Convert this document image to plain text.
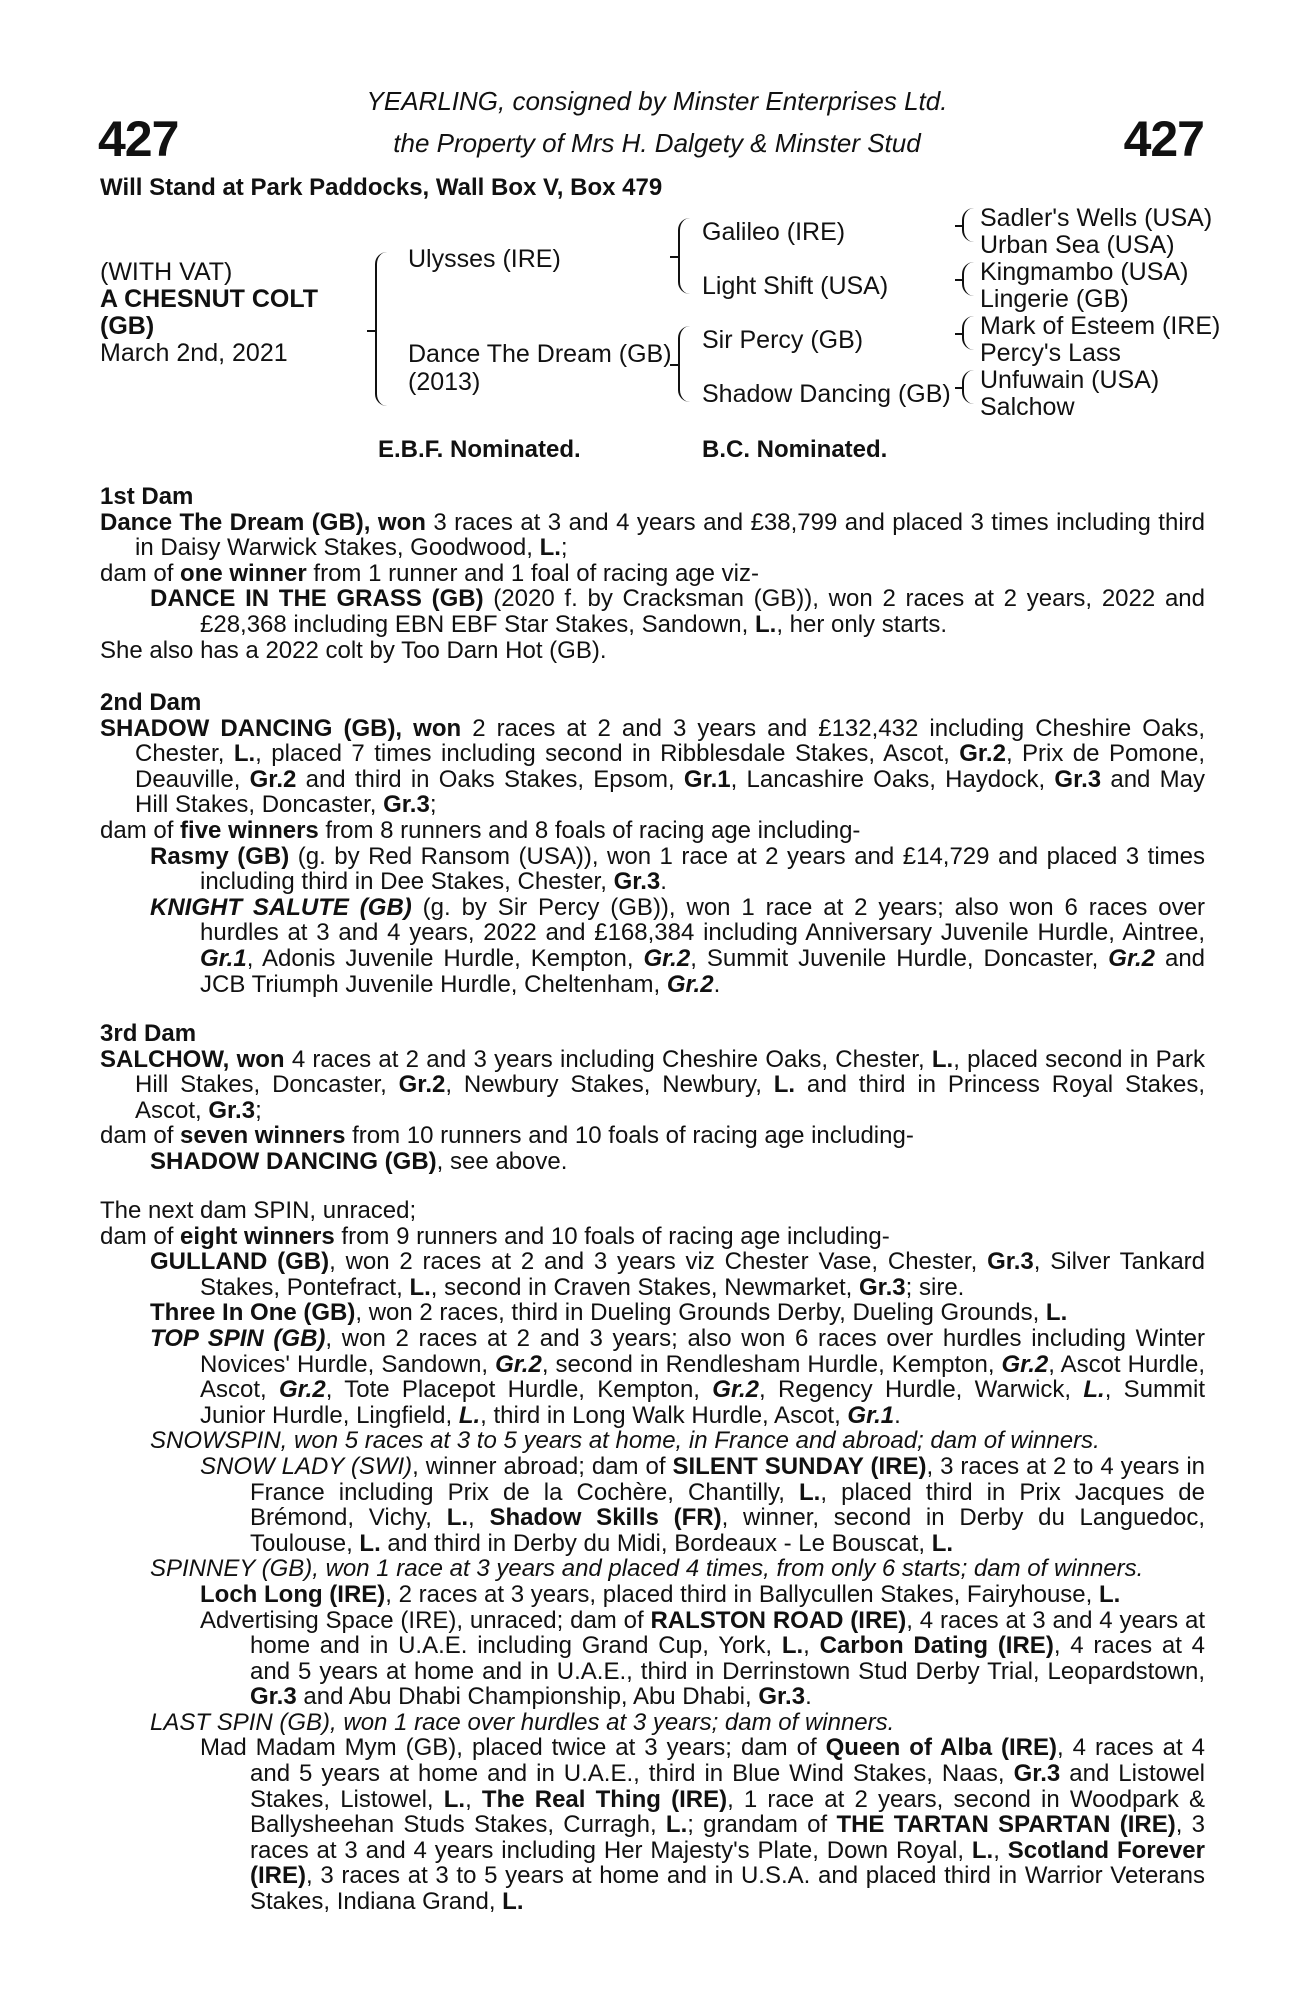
427	427
YEARLING, consigned by Minster Enterprises Ltd.
the Property of Mrs H. Dalgety & Minster Stud
Will Stand at Park Paddocks, Wall Box V, Box 479
(WITH VAT)
A CHESNUT COLT
(GB)
March 2nd, 2021
Ulysses (IRE)
Dance The Dream (GB)
(2013)
Galileo (IRE)
Light Shift (USA)
Sir Percy (GB)
Shadow Dancing (GB)
Sadler's Wells (USA)
Urban Sea (USA)
Kingmambo (USA)
Lingerie (GB)
Mark of Esteem (IRE)
Percy's Lass
Unfuwain (USA)
Salchow
E.B.F. Nominated.	B.C. Nominated.

1st Dam

Dance The Dream (GB), won 3 races at 3 and 4 years and £38,799 and placed 3 times including third in Daisy Warwick Stakes, Goodwood, L.;

dam of one winner from 1 runner and 1 foal of racing age viz-

DANCE IN THE GRASS (GB) (2020 f. by Cracksman (GB)), won 2 races at 2 years, 2022 and £28,368 including EBN EBF Star Stakes, Sandown, L., her only starts.

She also has a 2022 colt by Too Darn Hot (GB).

2nd Dam

SHADOW DANCING (GB), won 2 races at 2 and 3 years and £132,432 including Cheshire Oaks, Chester, L., placed 7 times including second in Ribblesdale Stakes, Ascot, Gr.2, Prix de Pomone, Deauville, Gr.2 and third in Oaks Stakes, Epsom, Gr.1, Lancashire Oaks, Haydock, Gr.3 and May Hill Stakes, Doncaster, Gr.3;

dam of five winners from 8 runners and 8 foals of racing age including-

Rasmy (GB) (g. by Red Ransom (USA)), won 1 race at 2 years and £14,729 and placed 3 times including third in Dee Stakes, Chester, Gr.3.

KNIGHT SALUTE (GB) (g. by Sir Percy (GB)), won 1 race at 2 years; also won 6 races over hurdles at 3 and 4 years, 2022 and £168,384 including Anniversary Juvenile Hurdle, Aintree, Gr.1, Adonis Juvenile Hurdle, Kempton, Gr.2, Summit Juvenile Hurdle, Doncaster, Gr.2 and JCB Triumph Juvenile Hurdle, Cheltenham, Gr.2.

3rd Dam

SALCHOW, won 4 races at 2 and 3 years including Cheshire Oaks, Chester, L., placed second in Park Hill Stakes, Doncaster, Gr.2, Newbury Stakes, Newbury, L. and third in Princess Royal Stakes, Ascot, Gr.3;

dam of seven winners from 10 runners and 10 foals of racing age including-

SHADOW DANCING (GB), see above.

The next dam SPIN, unraced;

dam of eight winners from 9 runners and 10 foals of racing age including-

GULLAND (GB), won 2 races at 2 and 3 years viz Chester Vase, Chester, Gr.3, Silver Tankard Stakes, Pontefract, L., second in Craven Stakes, Newmarket, Gr.3; sire.

Three In One (GB), won 2 races, third in Dueling Grounds Derby, Dueling Grounds, L.

TOP SPIN (GB), won 2 races at 2 and 3 years; also won 6 races over hurdles including Winter Novices' Hurdle, Sandown, Gr.2, second in Rendlesham Hurdle, Kempton, Gr.2, Ascot Hurdle, Ascot, Gr.2, Tote Placepot Hurdle, Kempton, Gr.2, Regency Hurdle, Warwick, L., Summit Junior Hurdle, Lingfield, L., third in Long Walk Hurdle, Ascot, Gr.1.

SNOWSPIN, won 5 races at 3 to 5 years at home, in France and abroad; dam of winners.

SNOW LADY (SWI), winner abroad; dam of SILENT SUNDAY (IRE), 3 races at 2 to 4 years in France including Prix de la Cochère, Chantilly, L., placed third in Prix Jacques de Brémond, Vichy, L., Shadow Skills (FR), winner, second in Derby du Languedoc, Toulouse, L. and third in Derby du Midi, Bordeaux - Le Bouscat, L.

SPINNEY (GB), won 1 race at 3 years and placed 4 times, from only 6 starts; dam of winners.

Loch Long (IRE), 2 races at 3 years, placed third in Ballycullen Stakes, Fairyhouse, L.

Advertising Space (IRE), unraced; dam of RALSTON ROAD (IRE), 4 races at 3 and 4 years at home and in U.A.E. including Grand Cup, York, L., Carbon Dating (IRE), 4 races at 4 and 5 years at home and in U.A.E., third in Derrinstown Stud Derby Trial, Leopardstown, Gr.3 and Abu Dhabi Championship, Abu Dhabi, Gr.3.

LAST SPIN (GB), won 1 race over hurdles at 3 years; dam of winners.

Mad Madam Mym (GB), placed twice at 3 years; dam of Queen of Alba (IRE), 4 races at 4 and 5 years at home and in U.A.E., third in Blue Wind Stakes, Naas, Gr.3 and Listowel Stakes, Listowel, L., The Real Thing (IRE), 1 race at 2 years, second in Woodpark & Ballysheehan Studs Stakes, Curragh, L.; grandam of THE TARTAN SPARTAN (IRE), 3 races at 3 and 4 years including Her Majesty's Plate, Down Royal, L., Scotland Forever (IRE), 3 races at 3 to 5 years at home and in U.S.A. and placed third in Warrior Veterans Stakes, Indiana Grand, L.
